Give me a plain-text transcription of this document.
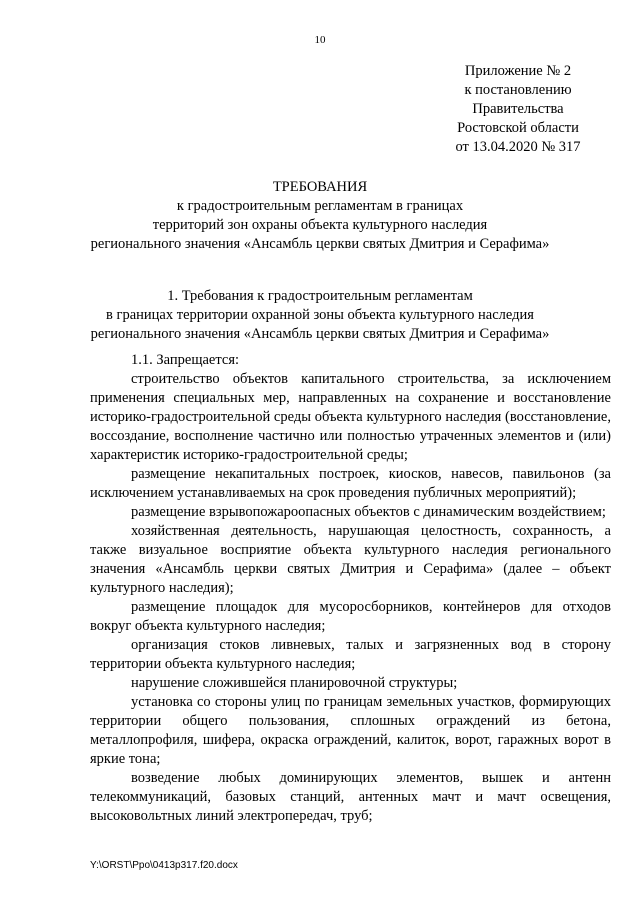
10
Приложение № 2
к постановлению
Правительства
Ростовской области
от 13.04.2020 № 317
ТРЕБОВАНИЯ
к градостроительным регламентам в границах
территорий зон охраны объекта культурного наследия
регионального значения «Ансамбль церкви святых Дмитрия и Серафима»
1. Требования к градостроительным регламентам
в границах территории охранной зоны объекта культурного наследия
регионального значения «Ансамбль церкви святых Дмитрия и Серафима»

1.1. Запрещается:

строительство объектов капитального строительства, за исключением применения специальных мер, направленных на сохранение и восстановление историко-градостроительной среды объекта культурного наследия (восстановление, воссоздание, восполнение частично или полностью утраченных элементов и (или) характеристик историко-градостроительной среды;

размещение некапитальных построек, киосков, навесов, павильонов (за исключением устанавливаемых на срок проведения публичных мероприятий);

размещение взрывопожароопасных объектов с динамическим воздействием;

хозяйственная деятельность, нарушающая целостность, сохранность, а также визуальное восприятие объекта культурного наследия регионального значения «Ансамбль церкви святых Дмитрия и Серафима» (далее – объект культурного наследия);

размещение площадок для мусоросборников, контейнеров для отходов вокруг объекта культурного наследия;

организация стоков ливневых, талых и загрязненных вод в сторону территории объекта культурного наследия;

нарушение сложившейся планировочной структуры;

установка со стороны улиц по границам земельных участков, формирующих территории общего пользования, сплошных ограждений из бетона, металлопрофиля, шифера, окраска ограждений, калиток, ворот, гаражных ворот в яркие тона;

возведение любых доминирующих элементов, вышек и антенн телекоммуникаций, базовых станций, антенных мачт и мачт освещения, высоковольтных линий электропередач, труб;

Y:\ORST\Ppo\0413p317.f20.docx
